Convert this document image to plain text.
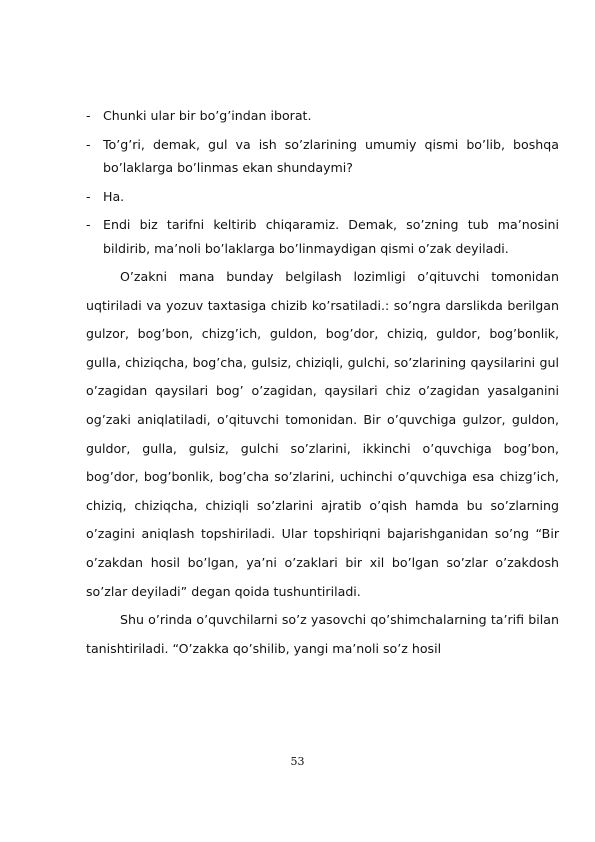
- Chunki ular bir bo’g’indan iborat.
- To’g’ri, demak, gul va ish so’zlarining umumiy qismi bo’lib, boshqa bo’laklarga bo’linmas ekan shundaymi?
- Ha.
- Endi biz tarifni keltirib chiqaramiz. Demak, so’zning tub ma’nosini bildirib, ma’noli bo’laklarga bo’linmaydigan qismi o’zak deyiladi.

O’zakni mana bunday belgilash lozimligi o’qituvchi tomonidan uqtiriladi va yozuv taxtasiga chizib ko’rsatiladi.: so’ngra darslikda berilgan gulzor, bog’bon, chizg’ich, guldon, bog’dor, chiziq, guldor, bog’bonlik, gulla, chiziqcha, bog’cha, gulsiz, chiziqli, gulchi, so’zlarining qaysilarini gul o’zagidan qaysilari bog’ o’zagidan, qaysilari chiz o’zagidan yasalganini og’zaki aniqlatiladi, o’qituvchi tomonidan. Bir o’quvchiga gulzor, guldon, guldor, gulla, gulsiz, gulchi so’zlarini, ikkinchi o’quvchiga bog’bon, bog’dor, bog’bonlik, bog’cha so’zlarini, uchinchi o’quvchiga esa chizg’ich, chiziq, chiziqcha, chiziqli so’zlarini ajratib o’qish hamda bu so’zlarning o’zagini aniqlash topshiriladi. Ular topshiriqni bajarishganidan so’ng “Bir o’zakdan hosil bo’lgan, ya’ni o’zaklari bir xil bo’lgan so’zlar o’zakdosh so’zlar deyiladi” degan qoida tushuntiriladi.

Shu o’rinda o’quvchilarni so’z yasovchi qo’shimchalarning ta’rifi bilan tanishtiriladi. “O’zakka qo’shilib, yangi ma’noli so’z hosil

53
